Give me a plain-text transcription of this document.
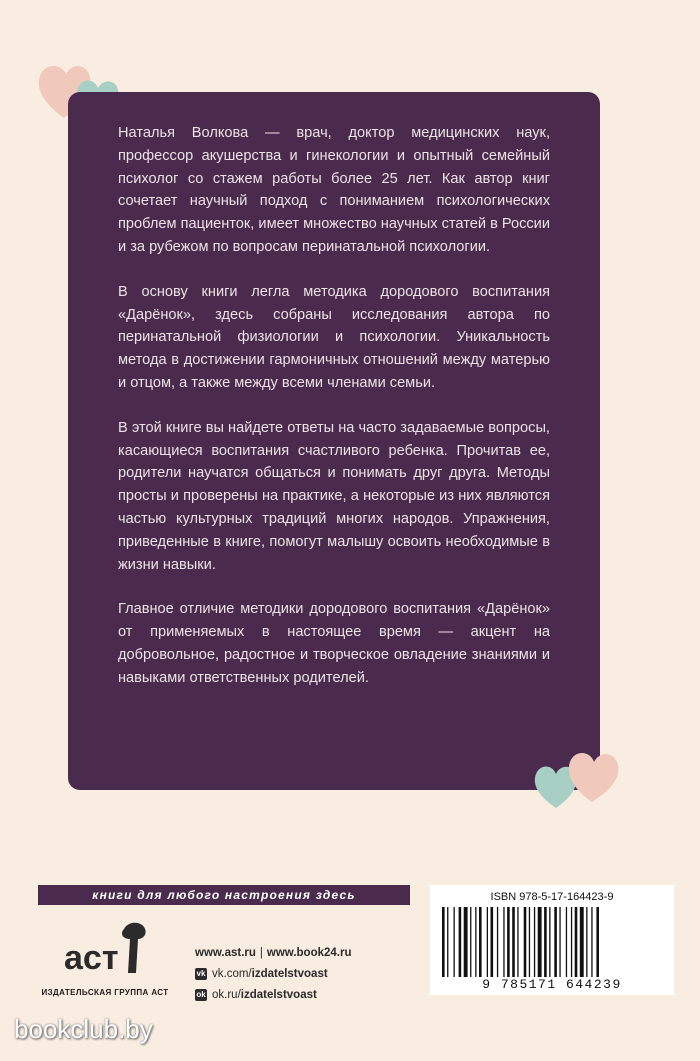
Наталья Волкова — врач, доктор медицинских наук, профессор акушерства и гинекологии и опытный семейный психолог со стажем работы более 25 лет. Как автор книг сочетает научный подход с пониманием психологических проблем пациенток, имеет множество научных статей в России и за рубежом по вопросам перинатальной психологии.

В основу книги легла методика дородового воспитания «Дарёнок», здесь собраны исследования автора по перинатальной физиологии и психологии. Уникальность метода в достижении гармоничных отношений между матерью и отцом, а также между всеми членами семьи.

В этой книге вы найдете ответы на часто задаваемые вопросы, касающиеся воспитания счастливого ребенка. Прочитав ее, родители научатся общаться и понимать друг друга. Методы просты и проверены на практике, а некоторые из них являются частью культурных традиций многих народов. Упражнения, приведенные в книге, помогут малышу освоить необходимые в жизни навыки.

Главное отличие методики дородового воспитания «Дарёнок» от применяемых в настоящее время — акцент на добровольное, радостное и творческое овладение знаниями и навыками ответственных родителей.

книги для любого настроения здесь
аст
ИЗДАТЕЛЬСКАЯ ГРУППА АСТ
www.ast.ru | www.book24.ru
vk vk.com/ izdatelstvoast
ok ok.ru/ izdatelstvoast
ISBN 978-5-17-164423-9
9 785171 644239
bookclub.by
